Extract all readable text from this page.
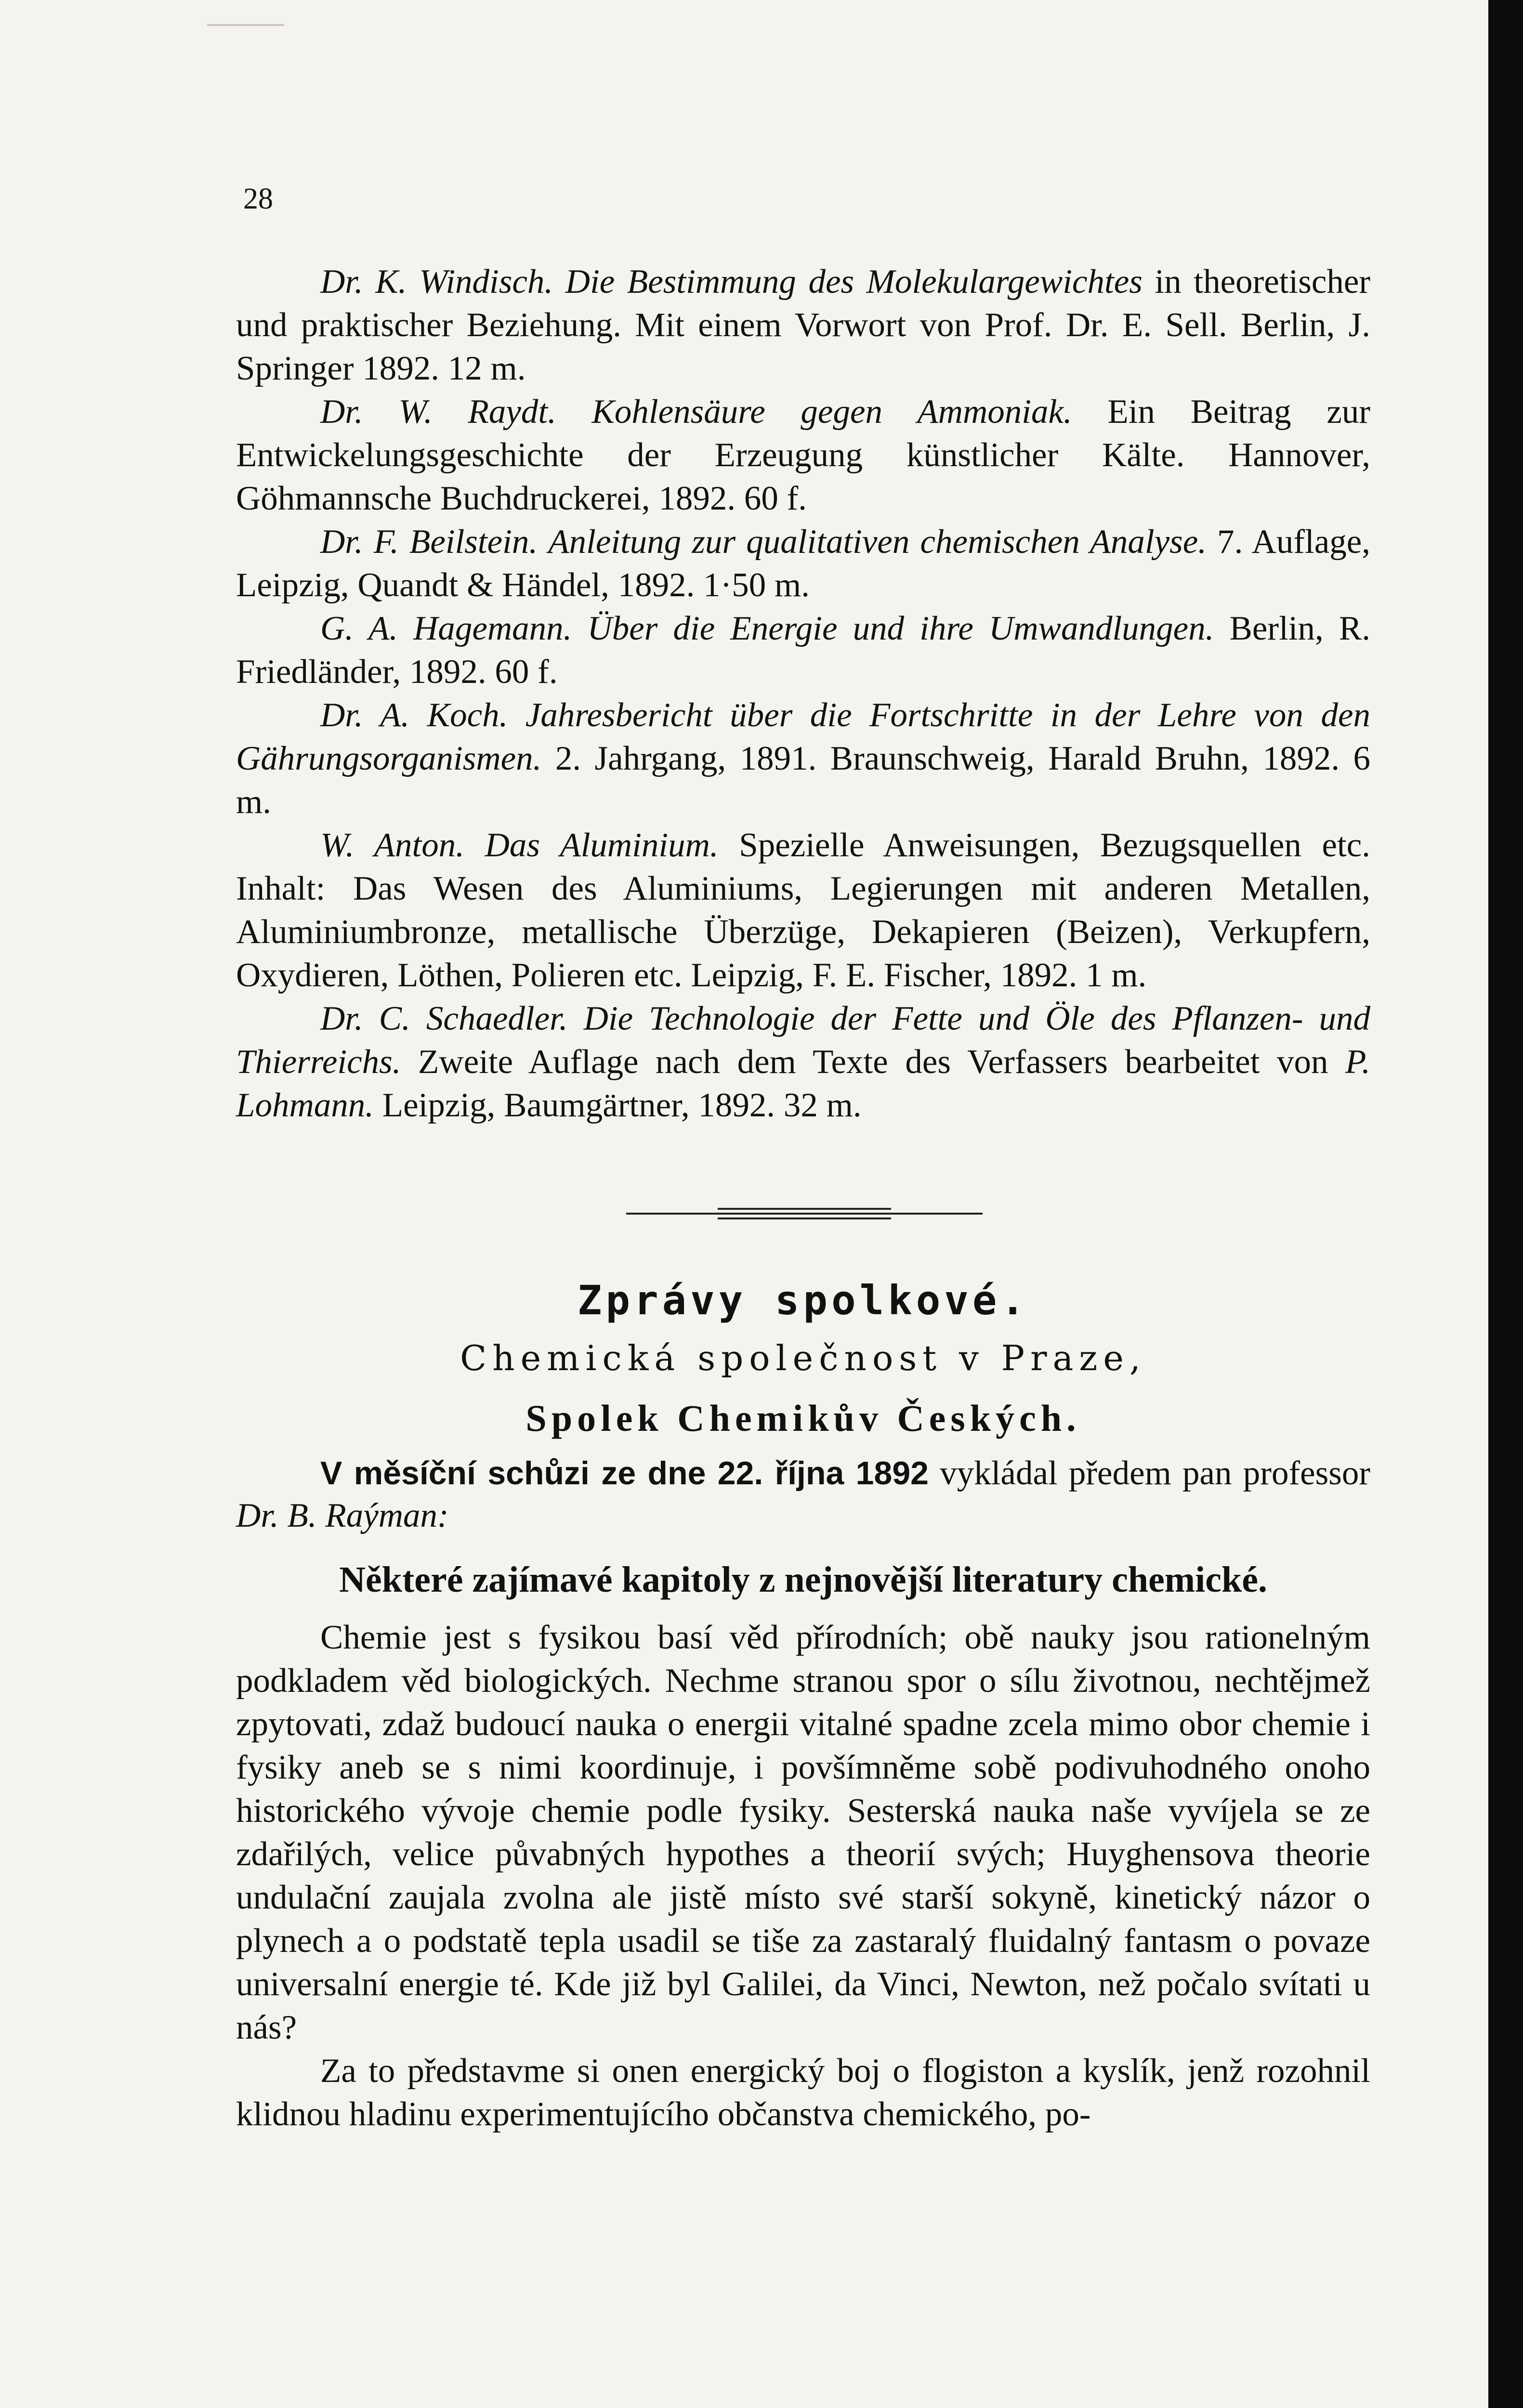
28

Dr. K. Windisch. Die Bestimmung des Molekulargewichtes in theoretischer und praktischer Beziehung. Mit einem Vorwort von Prof. Dr. E. Sell. Berlin, J. Springer 1892. 12 m.

Dr. W. Raydt. Kohlensäure gegen Ammoniak. Ein Beitrag zur Entwickelungsgeschichte der Erzeugung künstlicher Kälte. Hannover, Göhmannsche Buchdruckerei, 1892. 60 f.

Dr. F. Beilstein. Anleitung zur qualitativen chemischen Analyse. 7. Auflage, Leipzig, Quandt & Händel, 1892. 1·50 m.

G. A. Hagemann. Über die Energie und ihre Umwandlungen. Berlin, R. Friedländer, 1892. 60 f.

Dr. A. Koch. Jahresbericht über die Fortschritte in der Lehre von den Gährungsorganismen. 2. Jahrgang, 1891. Braunschweig, Harald Bruhn, 1892. 6 m.

W. Anton. Das Aluminium. Spezielle Anweisungen, Bezugsquellen etc. Inhalt: Das Wesen des Aluminiums, Legierungen mit anderen Metallen, Aluminiumbronze, metallische Überzüge, Dekapieren (Beizen), Verkupfern, Oxydieren, Löthen, Polieren etc. Leipzig, F. E. Fischer, 1892. 1 m.

Dr. C. Schaedler. Die Technologie der Fette und Öle des Pflanzen- und Thierreichs. Zweite Auflage nach dem Texte des Verfassers bearbeitet von P. Lohmann. Leipzig, Baumgärtner, 1892. 32 m.

Zprávy spolkové.
Chemická společnost v Praze,
Spolek Chemikův Českých.

V měsíční schůzi ze dne 22. října 1892 vykládal předem pan professor Dr. B. Raýman:

Některé zajímavé kapitoly z nejnovější literatury chemické.

Chemie jest s fysikou basí věd přírodních; obě nauky jsou rationelným podkladem věd biologických. Nechme stranou spor o sílu životnou, nechtějmež zpytovati, zdaž budoucí nauka o energii vitalné spadne zcela mimo obor chemie i fysiky aneb se s nimi koordinuje, i povšímněme sobě podivuhodného onoho historického vývoje chemie podle fysiky. Sesterská nauka naše vyvíjela se ze zdařilých, velice půvabných hypothes a theorií svých; Huyghensova theorie undulační zaujala zvolna ale jistě místo své starší sokyně, kinetický názor o plynech a o podstatě tepla usadil se tiše za zastaralý fluidalný fantasm o povaze universalní energie té. Kde již byl Galilei, da Vinci, Newton, než počalo svítati u nás?

Za to představme si onen energický boj o flogiston a kyslík, jenž rozohnil klidnou hladinu experimentujícího občanstva chemického, po-
